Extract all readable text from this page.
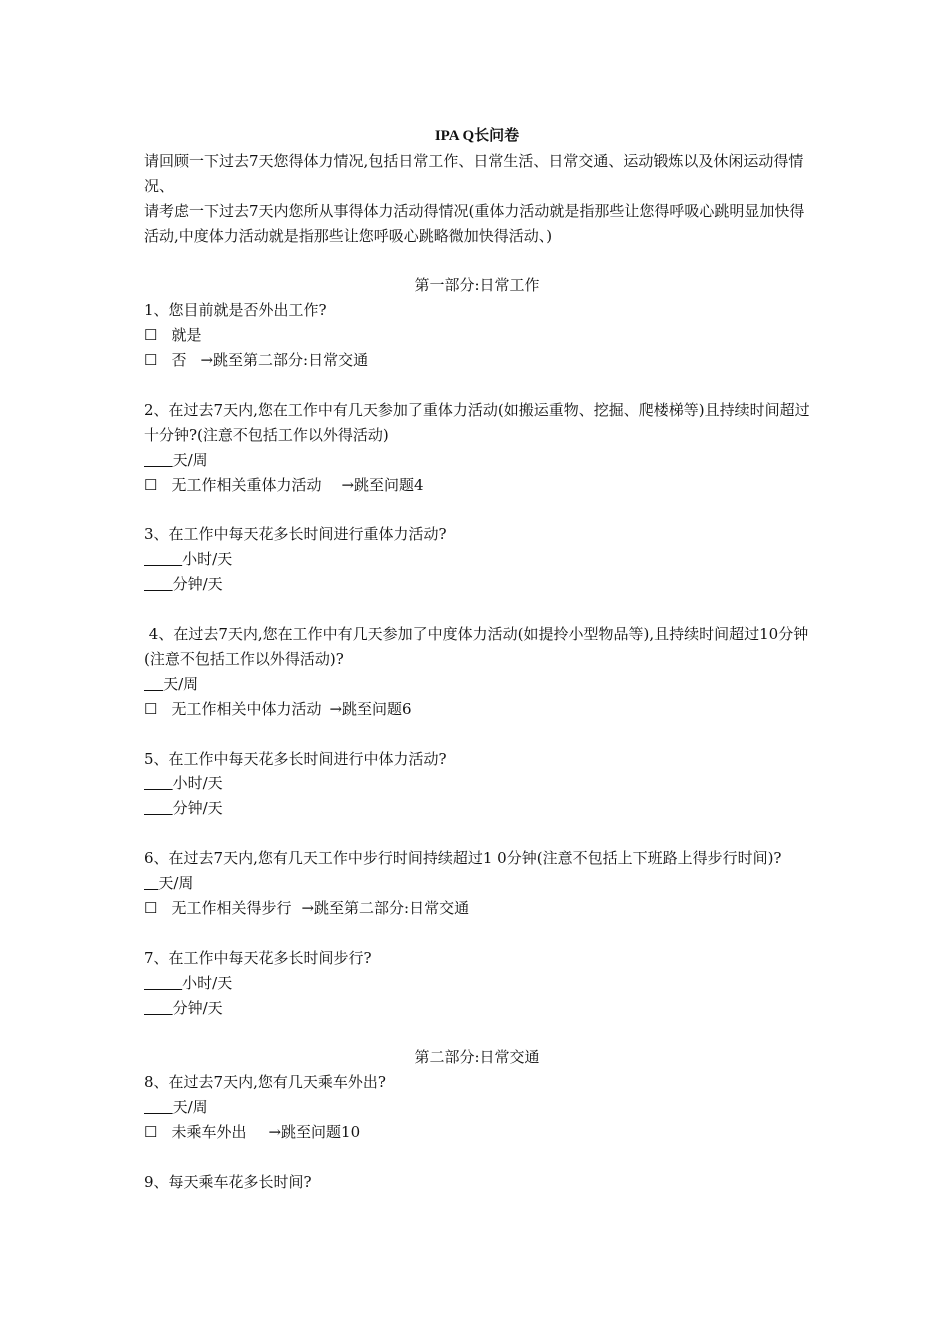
IPA Q长问卷

请回顾一下过去7天您得体力情况,包括日常工作、日常生活、日常交通、运动锻炼以及休闲运动得情况、

请考虑一下过去7天内您所从事得体力活动得情况(重体力活动就是指那些让您得呼吸心跳明显加快得活动,中度体力活动就是指那些让您呼吸心跳略微加快得活动、)

第一部分:日常工作

1、您目前就是否外出工作?

☐ 就是

☐ 否 →跳至第二部分:日常交通

2、在过去7天内,您在工作中有几天参加了重体力活动(如搬运重物、挖掘、爬楼梯等)且持续时间超过十分钟?(注意不包括工作以外得活动)

天/周

☐ 无工作相关重体力活动 →跳至问题4

3、在工作中每天花多长时间进行重体力活动?

小时/天

分钟/天

4、在过去7天内,您在工作中有几天参加了中度体力活动(如提拎小型物品等),且持续时间超过10分钟(注意不包括工作以外得活动)?

天/周

☐ 无工作相关中体力活动 →跳至问题6

5、在工作中每天花多长时间进行中体力活动?

小时/天

分钟/天

6、在过去7天内,您有几天工作中步行时间持续超过1 0分钟(注意不包括上下班路上得步行时间)?

天/周

☐ 无工作相关得步行 →跳至第二部分:日常交通

7、在工作中每天花多长时间步行?

小时/天

分钟/天

第二部分:日常交通

8、在过去7天内,您有几天乘车外出?

天/周

☐ 未乘车外出 →跳至问题10

9、每天乘车花多长时间?
